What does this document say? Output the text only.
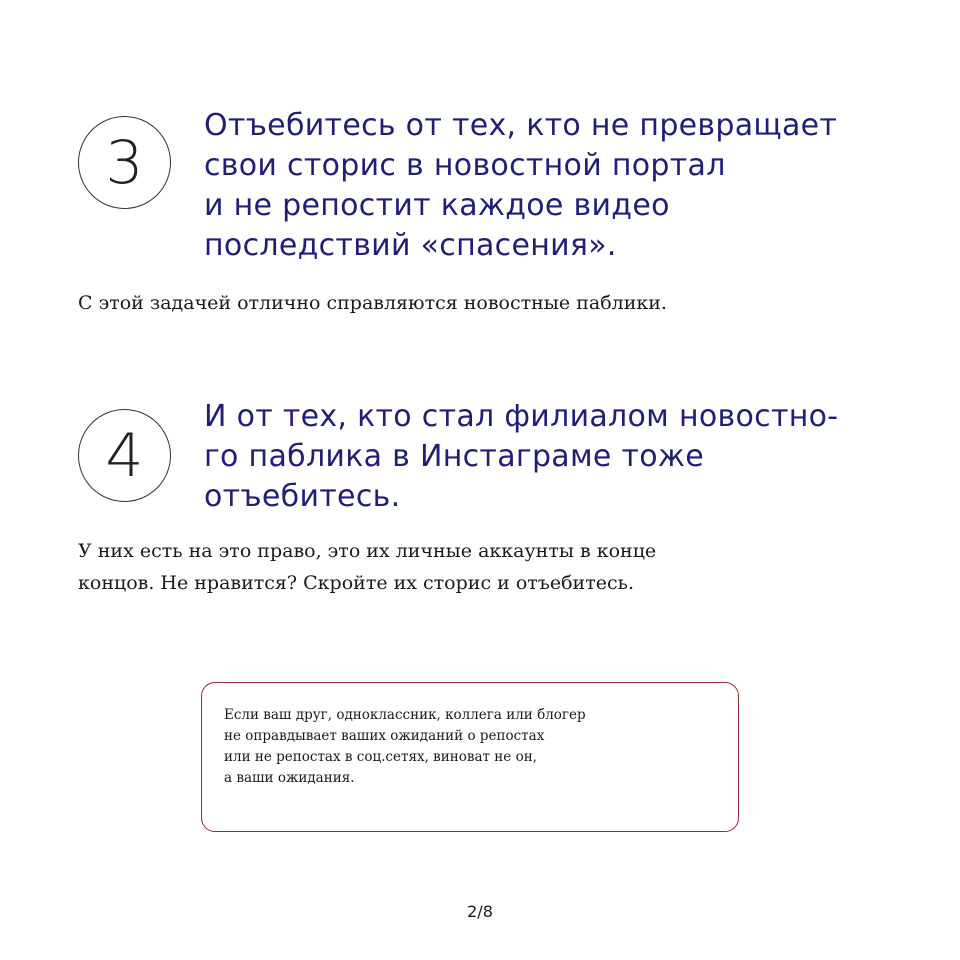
3
Отъебитесь от тех, кто не превращает
свои сторис в новостной портал
и не репостит каждое видео
последствий «спасения».

С этой задачей отлично справляются новостные паблики.

4
И от тех, кто стал филиалом новостно-
го паблика в Инстаграме тоже
отъебитесь.

У них есть на это право, это их личные аккаунты в конце
концов. Не нравится? Скройте их сторис и отъебитесь.

Если ваш друг, одноклассник, коллега или блогер
не оправдывает ваших ожиданий о репостах
или не репостах в соц.сетях, виноват не он,
а ваши ожидания.

2/8
